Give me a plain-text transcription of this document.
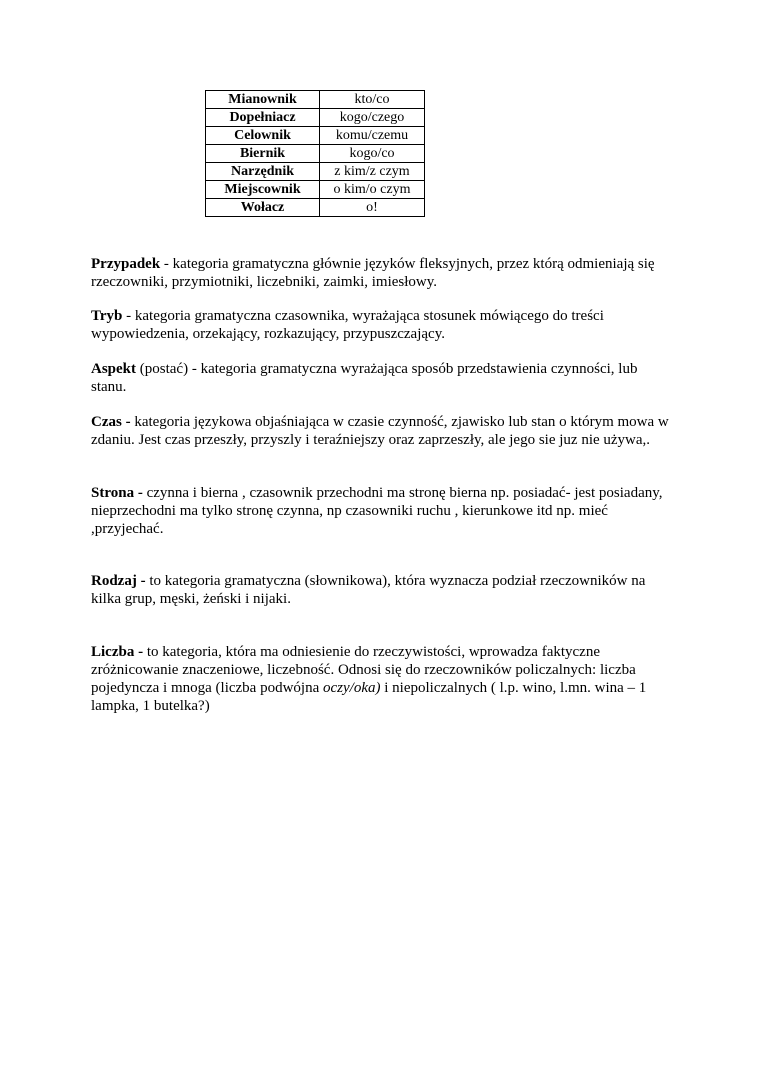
Mianownik	kto/co
Dopełniacz	kogo/czego
Celownik	komu/czemu
Biernik	kogo/co
Narzędnik	z kim/z czym
Miejscownik	o kim/o czym
Wołacz	o!

Przypadek - kategoria gramatyczna głównie języków fleksyjnych, przez którą odmieniają się rzeczowniki, przymiotniki, liczebniki, zaimki, imiesłowy.

Tryb - kategoria gramatyczna czasownika, wyrażająca stosunek mówiącego do treści wypowiedzenia, orzekający, rozkazujący, przypuszczający.

Aspekt (postać) - kategoria gramatyczna wyrażająca sposób przedstawienia czynności, lub stanu.

Czas - kategoria językowa objaśniająca w czasie czynność, zjawisko lub stan o którym mowa w zdaniu. Jest czas przeszły, przyszly i teraźniejszy oraz zaprzeszły, ale jego sie juz nie używa,.

Strona - czynna i bierna , czasownik przechodni ma stronę bierna np. posiadać- jest posiadany, nieprzechodni ma tylko stronę czynna, np czasowniki ruchu , kierunkowe itd np. mieć ,przyjechać.

Rodzaj - to kategoria gramatyczna (słownikowa), która wyznacza podział rzeczowników na kilka grup, męski, żeński i nijaki.

Liczba - to kategoria, która ma odniesienie do rzeczywistości, wprowadza faktyczne zróżnicowanie znaczeniowe, liczebność. Odnosi się do rzeczowników policzalnych: liczba pojedyncza i mnoga (liczba podwójna oczy/oka) i niepoliczalnych ( l.p. wino, l.mn. wina – 1 lampka, 1 butelka?)
